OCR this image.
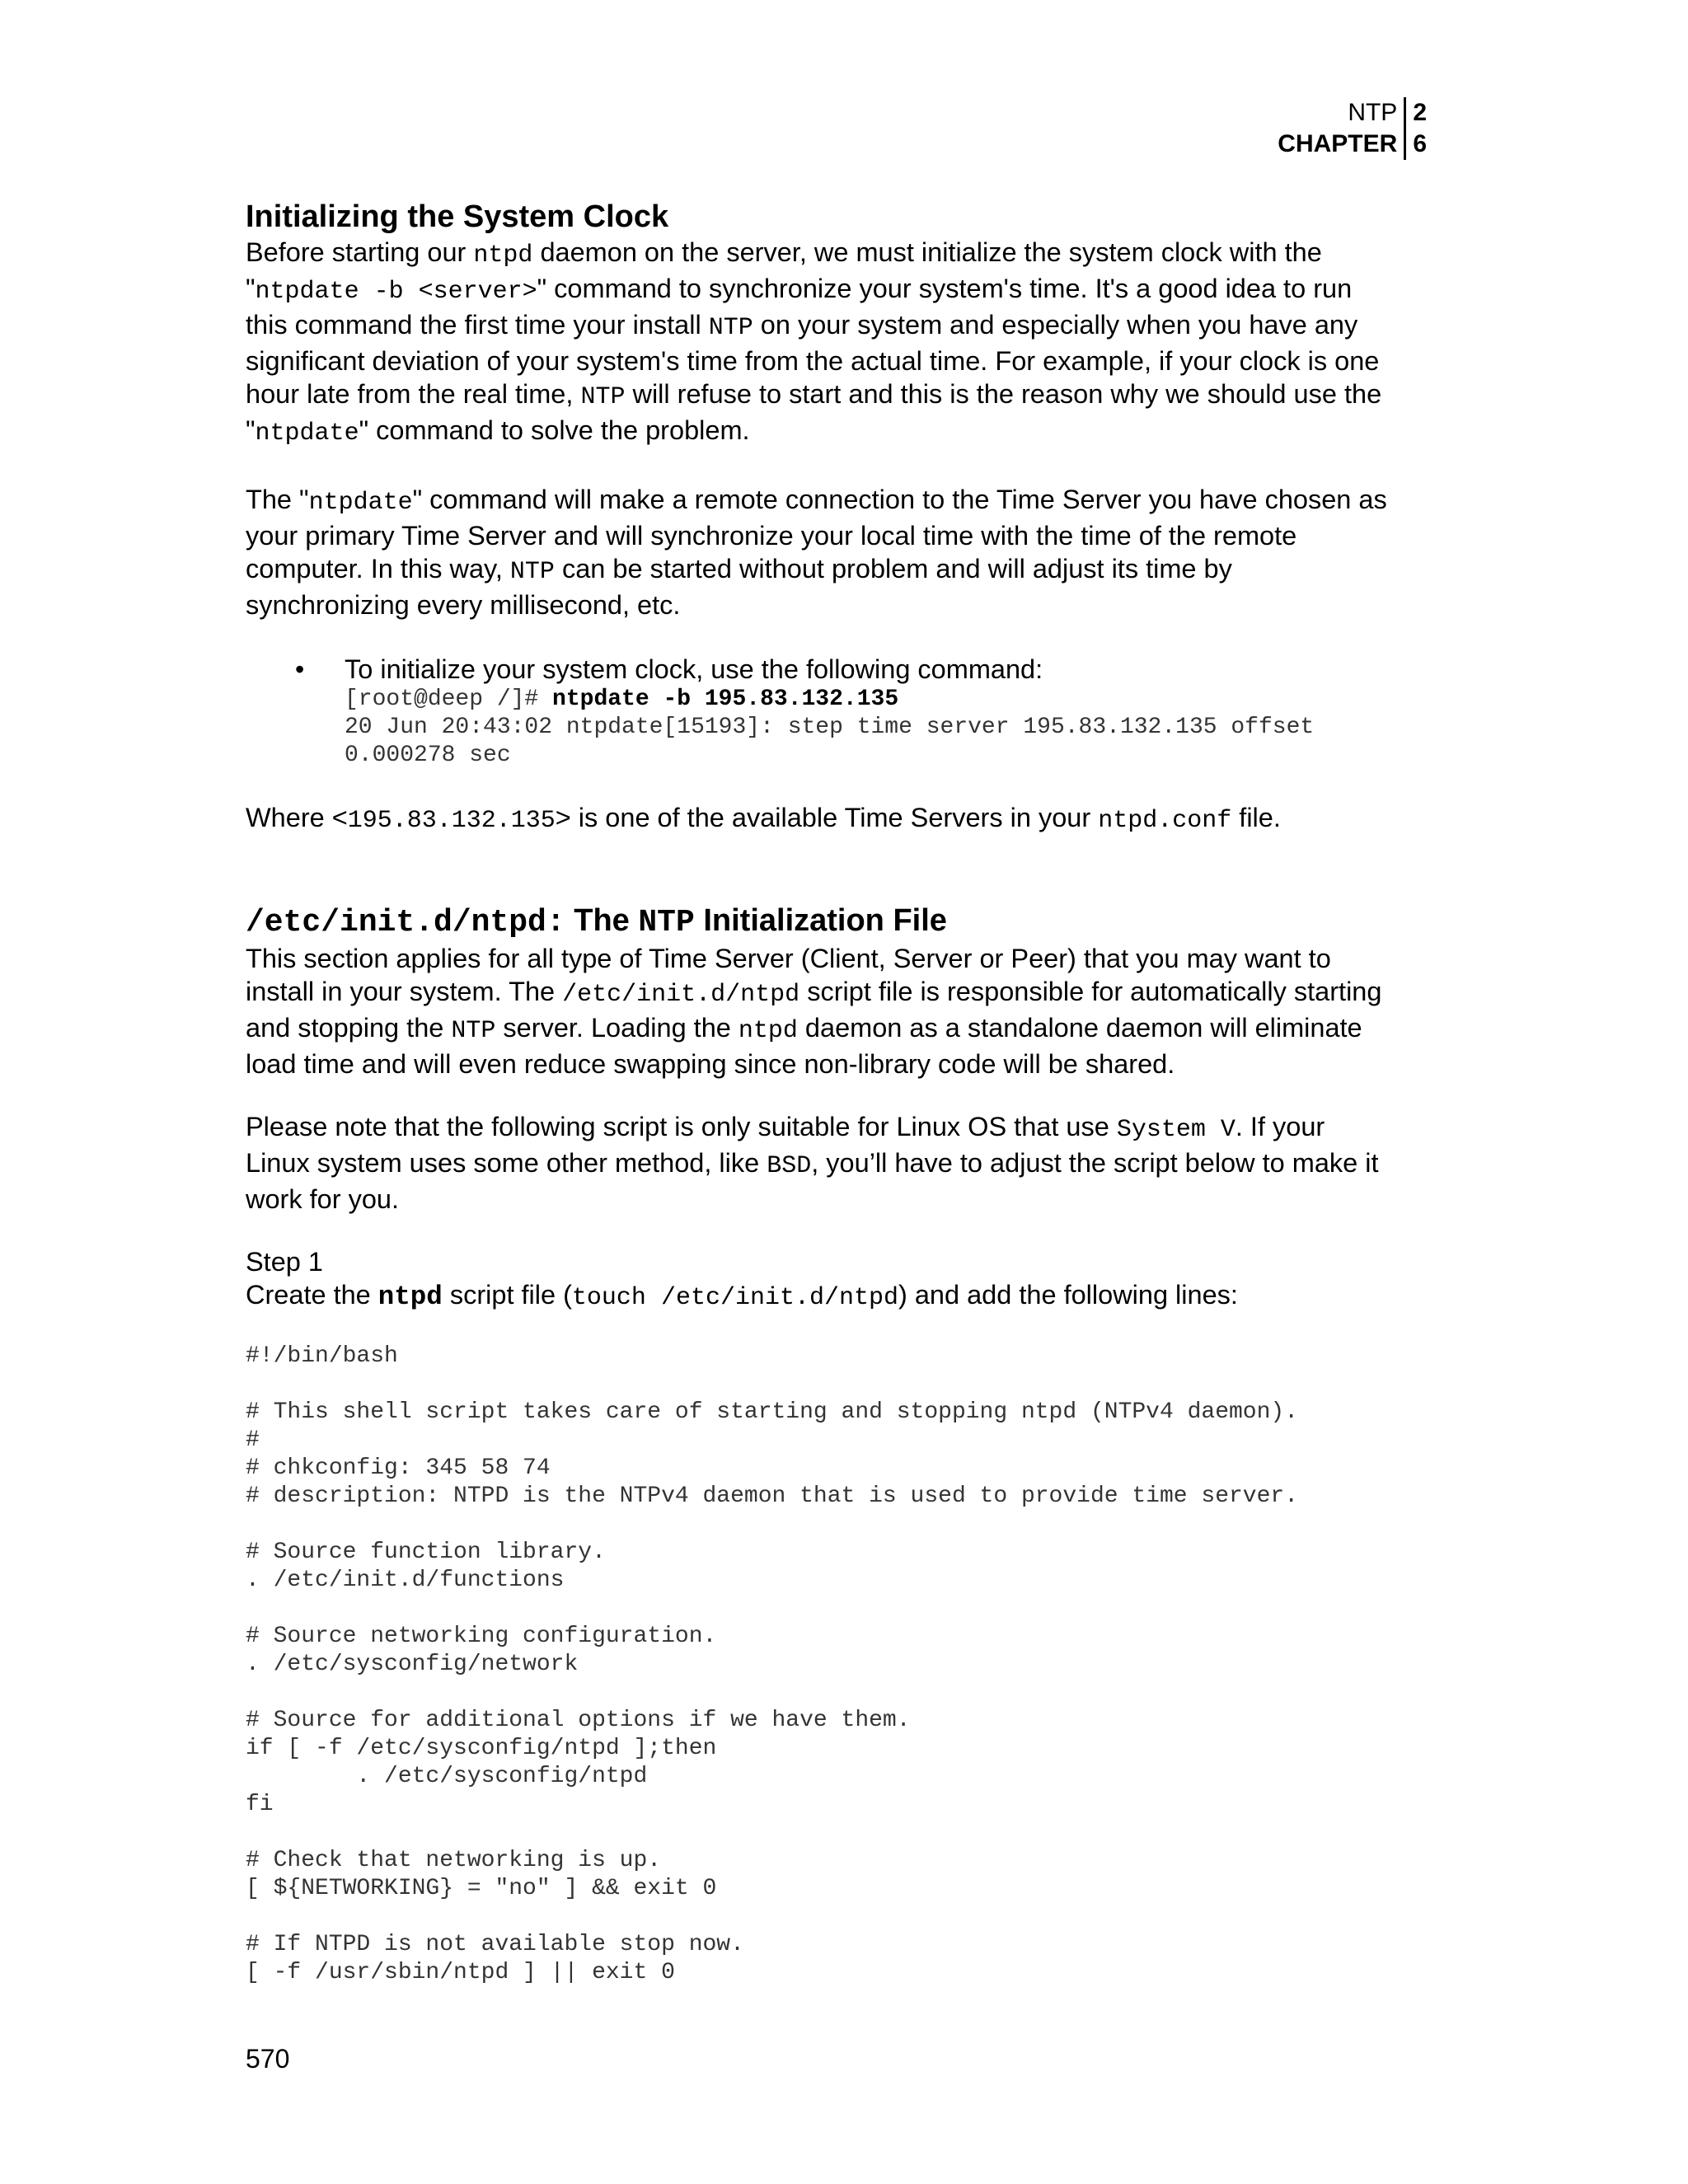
NTP
CHAPTER
2
6
Initializing the System Clock

Before starting our ntpd daemon on the server, we must initialize the system clock with the

"ntpdate -b <server>" command to synchronize your system's time. It's a good idea to run

this command the first time your install NTP on your system and especially when you have any

significant deviation of your system's time from the actual time. For example, if your clock is one

hour late from the real time, NTP will refuse to start and this is the reason why we should use the

"ntpdate" command to solve the problem.

The "ntpdate" command will make a remote connection to the Time Server you have chosen as

your primary Time Server and will synchronize your local time with the time of the remote

computer. In this way, NTP can be started without problem and will adjust its time by

synchronizing every millisecond, etc.

• To initialize your system clock, use the following command:

[root@deep /]# ntpdate -b 195.83.132.135
20 Jun 20:43:02 ntpdate[15193]: step time server 195.83.132.135 offset
0.000278 sec

Where <195.83.132.135> is one of the available Time Servers in your ntpd.conf file.

/etc/init.d/ntpd: The NTP Initialization File

This section applies for all type of Time Server (Client, Server or Peer) that you may want to

install in your system. The /etc/init.d/ntpd script file is responsible for automatically starting

and stopping the NTP server. Loading the ntpd daemon as a standalone daemon will eliminate

load time and will even reduce swapping since non-library code will be shared.

Please note that the following script is only suitable for Linux OS that use System V. If your

Linux system uses some other method, like BSD, you’ll have to adjust the script below to make it

work for you.

Step 1

Create the ntpd script file (touch /etc/init.d/ntpd) and add the following lines:

#!/bin/bash
# This shell script takes care of starting and stopping ntpd (NTPv4 daemon).
#
# chkconfig: 345 58 74
# description: NTPD is the NTPv4 daemon that is used to provide time server.
# Source function library.
. /etc/init.d/functions
# Source networking configuration.
. /etc/sysconfig/network
# Source for additional options if we have them.
if [ -f /etc/sysconfig/ntpd ];then
. /etc/sysconfig/ntpd
fi
# Check that networking is up.
[ ${NETWORKING} = "no" ] && exit 0
# If NTPD is not available stop now.
[ -f /usr/sbin/ntpd ] || exit 0
570
